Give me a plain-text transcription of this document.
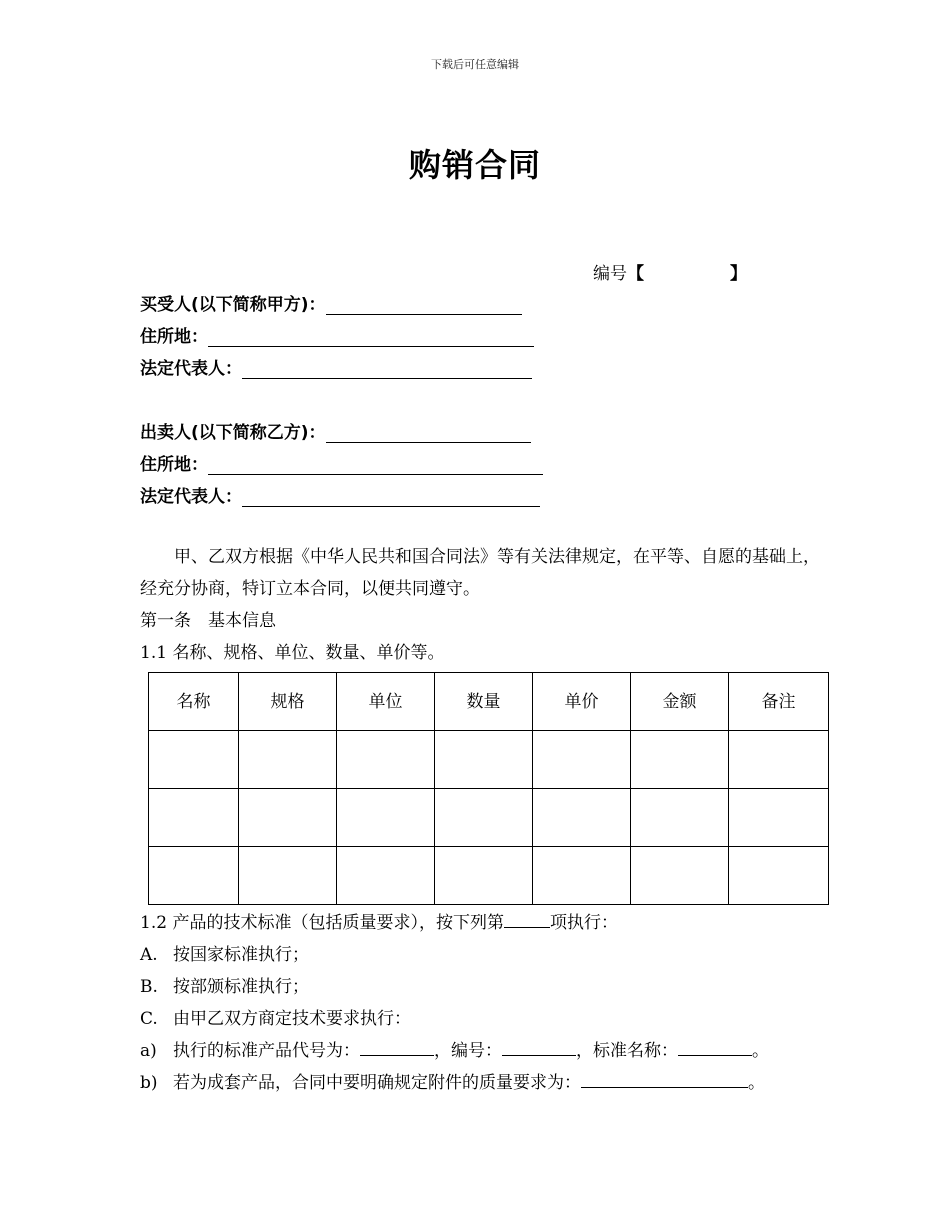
下载后可任意编辑
购销合同
编号【	】
买受人(以下简称甲方)：
住所地：
法定代表人：
出卖人(以下简称乙方)：
住所地：
法定代表人：
甲、乙双方根据《中华人民共和国合同法》等有关法律规定，在平等、自愿的基础上，经充分协商，特订立本合同，以便共同遵守。
第一条　基本信息
1.1 名称、规格、单位、数量、单价等。
名称	规格	单位	数量	单价	金额	备注

1.2 产品的技术标准（包括质量要求），按下列第	项执行：
A. 按国家标准执行；
B. 按部颁标准执行；
C. 由甲乙双方商定技术要求执行：
a) 执行的标准产品代号为：	，编号：	，标准名称：	。
b) 若为成套产品，合同中要明确规定附件的质量要求为：	。
